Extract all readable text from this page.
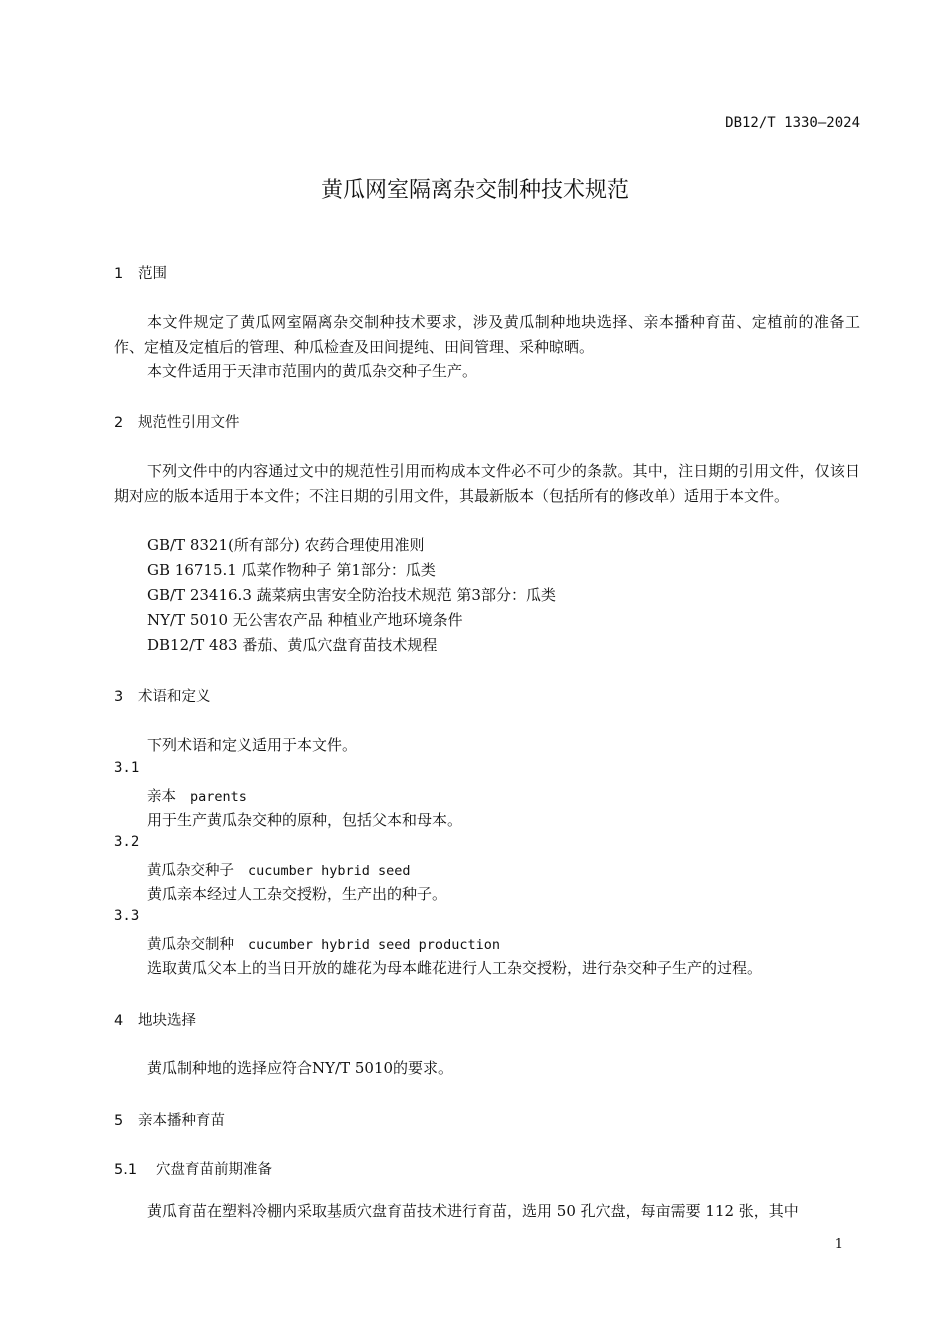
DB12/T 1330—2024
黄瓜网室隔离杂交制种技术规范
1 范围
本文件规定了黄瓜网室隔离杂交制种技术要求，涉及黄瓜制种地块选择、亲本播种育苗、定植前的准备工作、定植及定植后的管理、种瓜检查及田间提纯、田间管理、采种晾晒。
本文件适用于天津市范围内的黄瓜杂交种子生产。
2 规范性引用文件
下列文件中的内容通过文中的规范性引用而构成本文件必不可少的条款。其中，注日期的引用文件，仅该日期对应的版本适用于本文件；不注日期的引用文件，其最新版本（包括所有的修改单）适用于本文件。
GB/T 8321(所有部分) 农药合理使用准则
GB 16715.1 瓜菜作物种子 第1部分：瓜类
GB/T 23416.3 蔬菜病虫害安全防治技术规范 第3部分：瓜类
NY/T 5010 无公害农产品 种植业产地环境条件
DB12/T 483 番茄、黄瓜穴盘育苗技术规程
3 术语和定义
下列术语和定义适用于本文件。
3.1
亲本 parents
用于生产黄瓜杂交种的原种，包括父本和母本。
3.2
黄瓜杂交种子 cucumber hybrid seed
黄瓜亲本经过人工杂交授粉，生产出的种子。
3.3
黄瓜杂交制种 cucumber hybrid seed production
选取黄瓜父本上的当日开放的雄花为母本雌花进行人工杂交授粉，进行杂交种子生产的过程。
4 地块选择
黄瓜制种地的选择应符合NY/T 5010的要求。
5 亲本播种育苗
5.1 穴盘育苗前期准备
黄瓜育苗在塑料冷棚内采取基质穴盘育苗技术进行育苗，选用 50 孔穴盘，每亩需要 112 张，其中
1
